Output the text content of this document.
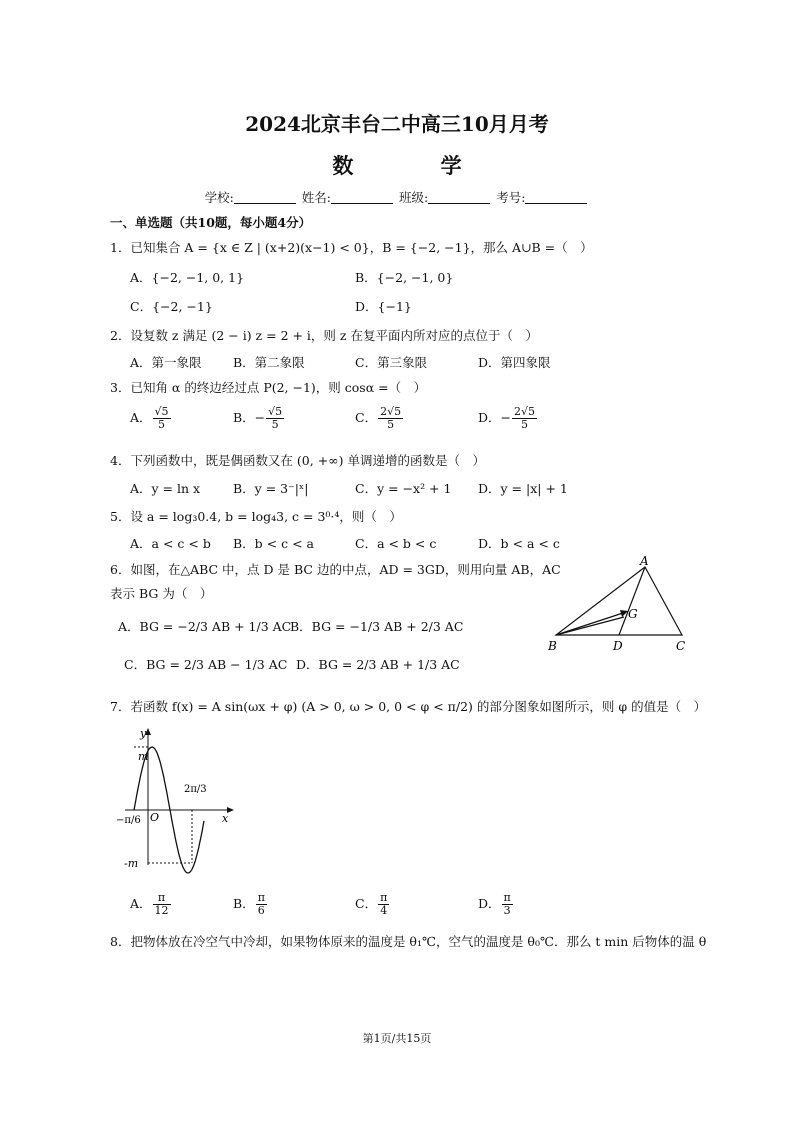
2024北京丰台二中高三10月月考
数 学
学校:	姓名:	班级:	考号:
一、单选题（共10题，每小题4分）
1．已知集合 A = {x ∈ Z | (x+2)(x−1) < 0}，B = {−2, −1}，那么 A∪B =（　）
A．{−2, −1, 0, 1}	B．{−2, −1, 0}
C．{−2, −1}	D．{−1}
2．设复数 z 满足 (2 − i) z = 2 + i，则 z 在复平面内所对应的点位于（　）
A．第一象限	B．第二象限	C．第三象限	D．第四象限
3．已知角 α 的终边经过点 P(2, −1)，则 cosα =（　）
A． $\frac{√5}{5}$	B．− $\frac{√5}{5}$	C． $\frac{2√5}{5}$	D．− $\frac{2√5}{5}$
4．下列函数中，既是偶函数又在 (0, +∞) 单调递增的函数是（　）
A．y = ln x	B．y = 3⁻|ˣ|	C．y = −x² + 1 D．y = |x| + 1
5．设 a = log₃0.4, b = log₄3, c = 3⁰·⁴，则（　）
A．a < c < b B．b < c < a	C．a < b < c	D．b < a < c
6．如图，在△ABC 中，点 D 是 BC 边的中点，AD = 3GD，则用向量 AB，AC
表示 BG 为（　）
A．BG = −2/3 AB + 1/3 AC
B．BG = −1/3 AB + 2/3 AC
C．BG = 2/3 AB − 1/3 AC D．BG = 2/3 AB + 1/3 AC
A
B	C
D
G
7．若函数 f(x) = A sin(ωx + φ) (A > 0, ω > 0, 0 < φ < π/2) 的部分图象如图所示，则 φ 的值是（　）
y
x
m
-m
O
2π/3
−π/6
A． $\frac{\pi}{12}$	B． $\frac{\pi}{6}$	C． $\frac{\pi}{4}$	D． $\frac{\pi}{3}$
8．把物体放在冷空气中冷却，如果物体原来的温度是 θ₁℃，空气的温度是 θ₀℃．那么 t min 后物体的温 θ
第1页/共15页
